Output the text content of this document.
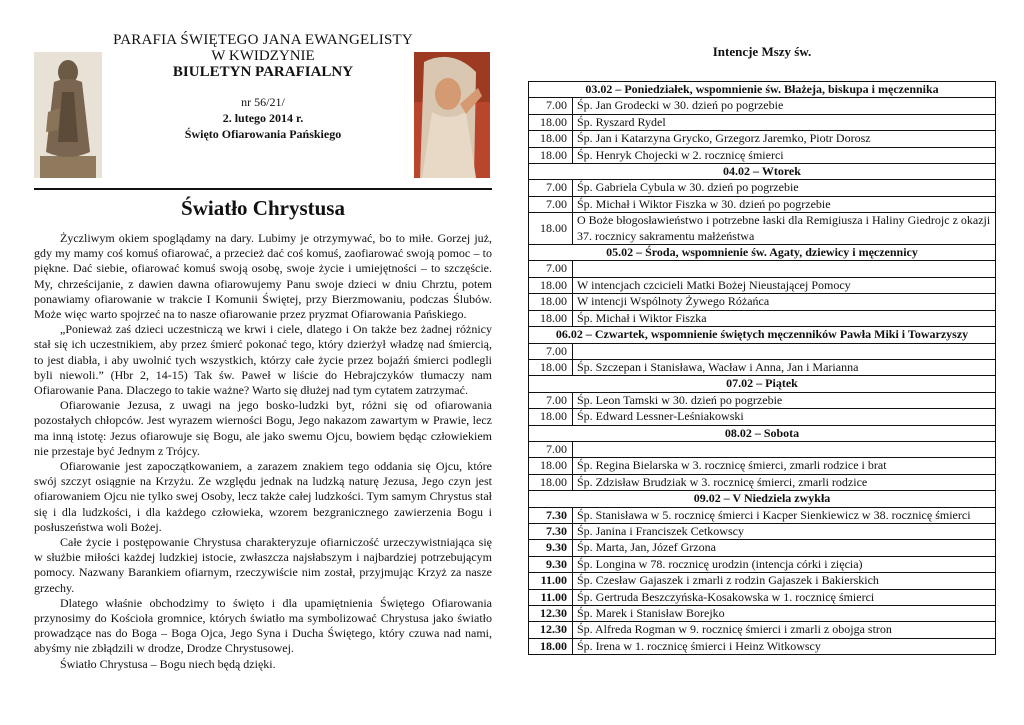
PARAFIA ŚWIĘTEGO JANA EWANGELISTY
W KWIDZYNIE
BIULETYN PARAFIALNY
nr 56/21/
2. lutego 2014 r.
Święto Ofiarowania Pańskiego
Światło Chrystusa

Życzliwym okiem spoglądamy na dary. Lubimy je otrzymywać, bo to miłe. Gorzej już, gdy my mamy coś komuś ofiarować, a przecież dać coś komuś, zaofiarować swoją pomoc – to piękne. Dać siebie, ofiarować komuś swoją osobę, swoje życie i umiejętności – to szczęście. My, chrześcijanie, z dawien dawna ofiarowujemy Panu swoje dzieci w dniu Chrztu, potem ponawiamy ofiarowanie w trakcie I Komunii Świętej, przy Bierzmowaniu, podczas Ślubów. Może więc warto spojrzeć na to nasze ofiarowanie przez pryzmat Ofiarowania Pańskiego.

„Ponieważ zaś dzieci uczestniczą we krwi i ciele, dlatego i On także bez żadnej różnicy stał się ich uczestnikiem, aby przez śmierć pokonać tego, który dzierżył władzę nad śmiercią, to jest diabła, i aby uwolnić tych wszystkich, którzy całe życie przez bojaźń śmierci podlegli byli niewoli.” (Hbr 2, 14-15) Tak św. Paweł w liście do Hebrajczyków tłumaczy nam Ofiarowanie Pana. Dlaczego to takie ważne? Warto się dłużej nad tym cytatem zatrzymać.

Ofiarowanie Jezusa, z uwagi na jego bosko-ludzki byt, różni się od ofiarowania pozostałych chłopców. Jest wyrazem wierności Bogu, Jego nakazom zawartym w Prawie, lecz ma inną istotę: Jezus ofiarowuje się Bogu, ale jako swemu Ojcu, bowiem będąc człowiekiem nie przestaje być Jednym z Trójcy.

Ofiarowanie jest zapoczątkowaniem, a zarazem znakiem tego oddania się Ojcu, które swój szczyt osiągnie na Krzyżu. Ze względu jednak na ludzką naturę Jezusa, Jego czyn jest ofiarowaniem Ojcu nie tylko swej Osoby, lecz także całej ludzkości. Tym samym Chrystus stał się i dla ludzkości, i dla każdego człowieka, wzorem bezgranicznego zawierzenia Bogu i posłuszeństwa woli Bożej.

Całe życie i postępowanie Chrystusa charakteryzuje ofiarniczość urzeczywistniająca się w służbie miłości każdej ludzkiej istocie, zwłaszcza najsłabszym i najbardziej potrzebującym pomocy. Nazwany Barankiem ofiarnym, rzeczywiście nim został, przyjmując Krzyż za nasze grzechy.

Dlatego właśnie obchodzimy to święto i dla upamiętnienia Świętego Ofiarowania przynosimy do Kościoła gromnice, których światło ma symbolizować Chrystusa jako światło prowadzące nas do Boga – Boga Ojca, Jego Syna i Ducha Świętego, który czuwa nad nami, abyśmy nie zbłądzili w drodze, Drodze Chrystusowej.

Światło Chrystusa – Bogu niech będą dzięki.

Intencje Mszy św.
03.02 – Poniedziałek, wspomnienie św. Błażeja, biskupa i męczennika	
7.00	Śp. Jan Grodecki w 30. dzień po pogrzebie
18.00	Śp. Ryszard Rydel
18.00	Śp. Jan i Katarzyna Grycko, Grzegorz Jaremko, Piotr Dorosz
18.00	Śp. Henryk Chojecki w 2. rocznicę śmierci
04.02 – Wtorek	
7.00	Śp. Gabriela Cybula w 30. dzień po pogrzebie
7.00	Śp. Michał i Wiktor Fiszka w 30. dzień po pogrzebie
18.00	O Boże błogosławieństwo i potrzebne łaski dla Remigiusza i Haliny Giedrojc z okazji 37. rocznicy sakramentu małżeństwa
05.02 – Środa, wspomnienie św. Agaty, dziewicy i męczennicy	
7.00	
18.00	W intencjach czcicieli Matki Bożej Nieustającej Pomocy
18.00	W intencji Wspólnoty Żywego Różańca
18.00	Śp. Michał i Wiktor Fiszka
06.02 – Czwartek, wspomnienie świętych męczenników Pawła Miki i Towarzyszy	
7.00	
18.00	Śp. Szczepan i Stanisława, Wacław i Anna, Jan i Marianna
07.02 – Piątek	
7.00	Śp. Leon Tamski w 30. dzień po pogrzebie
18.00	Śp. Edward Lessner-Leśniakowski
08.02 – Sobota	
7.00	
18.00	Śp. Regina Bielarska w 3. rocznicę śmierci, zmarli rodzice i brat
18.00	Śp. Zdzisław Brudziak w 3. rocznicę śmierci, zmarli rodzice
09.02 – V Niedziela zwykła	
7.30	Śp. Stanisława w 5. rocznicę śmierci i Kacper Sienkiewicz w 38. rocznicę śmierci
7.30	Śp. Janina i Franciszek Cetkowscy
9.30	Śp. Marta, Jan, Józef Grzona
9.30	Śp. Longina w 78. rocznicę urodzin (intencja córki i zięcia)
11.00	Śp. Czesław Gajaszek i zmarli z rodzin Gajaszek i Bakierskich
11.00	Śp. Gertruda Beszczyńska-Kosakowska w 1. rocznicę śmierci
12.30	Śp. Marek i Stanisław Borejko
12.30	Śp. Alfreda Rogman w 9. rocznicę śmierci i zmarli z obojga stron
18.00	Śp. Irena w 1. rocznicę śmierci i Heinz Witkowscy
